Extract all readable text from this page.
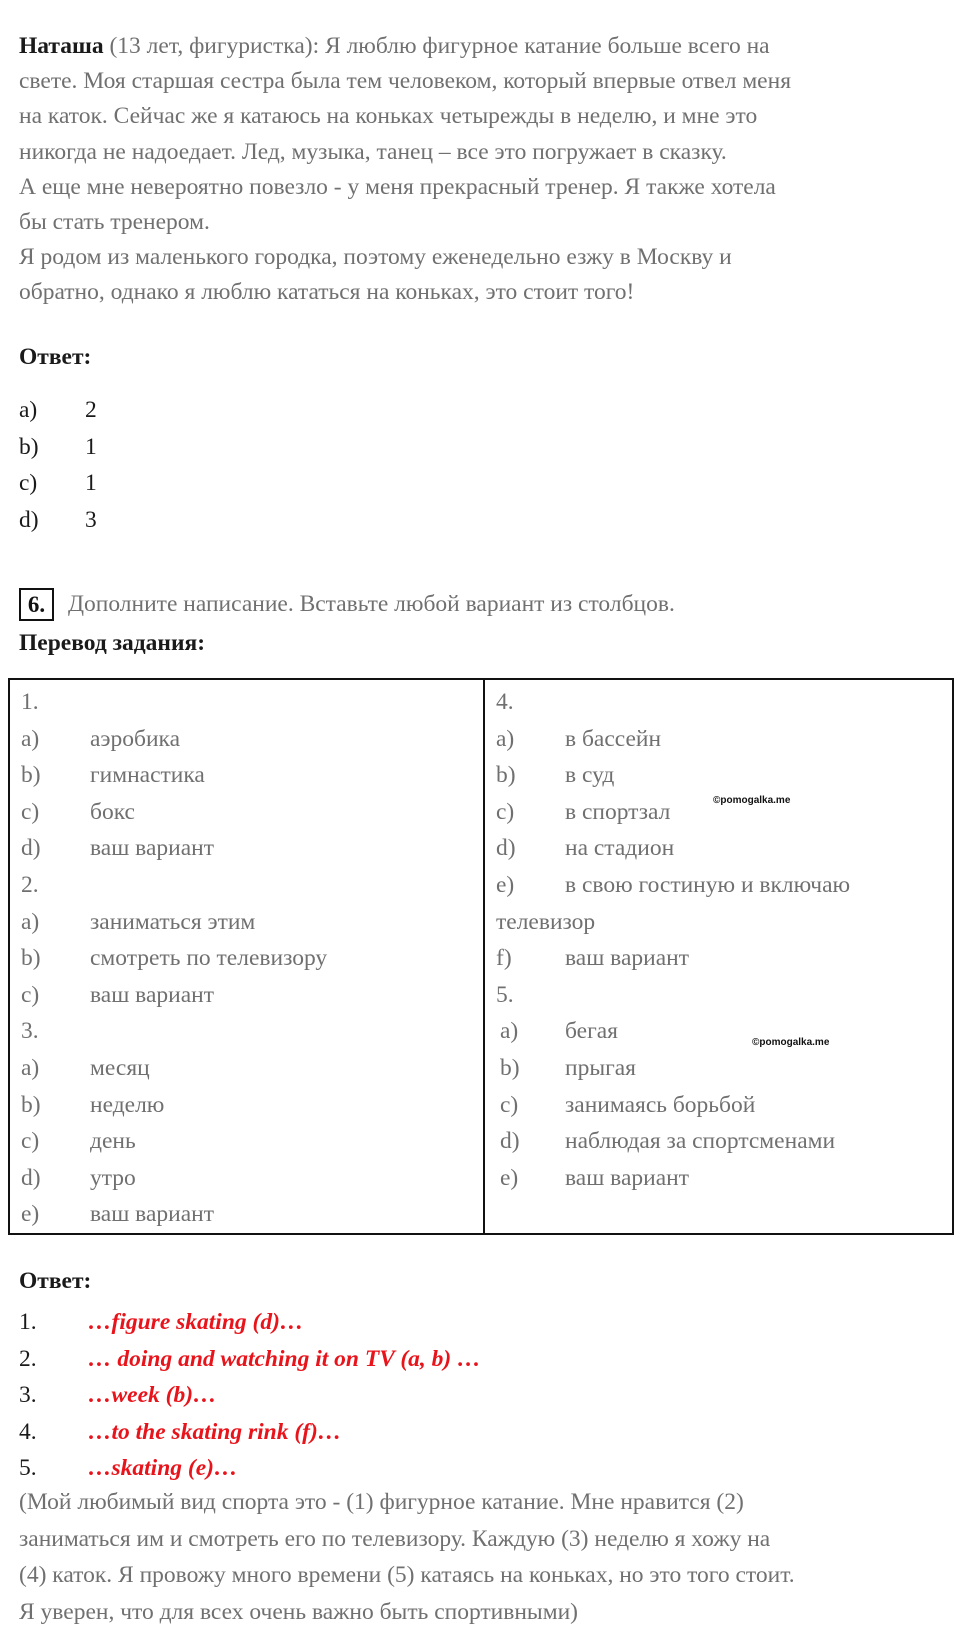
Наташа (13 лет, фигуристка): Я люблю фигурное катание больше всего на

свете. Моя старшая сестра была тем человеком, который впервые отвел меня

на каток. Сейчас же я катаюсь на коньках четырежды в неделю, и мне это

никогда не надоедает. Лед, музыка, танец – все это погружает в сказку.

А еще мне невероятно повезло - у меня прекрасный тренер. Я также хотела

бы стать тренером.

Я родом из маленького городка, поэтому еженедельно езжу в Москву и

обратно, однако я люблю кататься на коньках, это стоит того!

Ответ:
a) 2
b) 1
c) 1
d) 3
6. Дополните написание. Вставьте любой вариант из столбцов.
Перевод задания:
1.
a) аэробика
b) гимнастика
c) бокс
d) ваш вариант
2.
a) заниматься этим
b) смотреть по телевизору
c) ваш вариант
3.
a) месяц
b) неделю
c) день
d) утро
e) ваш вариант

4.
a) в бассейн
b) в суд
c) в спортзал
d) на стадион
e) в свою гостиную и включаю
телевизор
f) ваш вариант
5.
a) бегая
b) прыгая
c) занимаясь борьбой
d) наблюдая за спортсменами
e) ваш вариант
©pomogalka.me
©pomogalka.me
Ответ:
1. …figure skating (d)…
2. … doing and watching it on TV (a, b) …
3. …week (b)…
4. …to the skating rink (f)…
5. …skating (e)…
(Мой любимый вид спорта это - (1) фигурное катание. Мне нравится (2)
заниматься им и смотреть его по телевизору. Каждую (3) неделю я хожу на
(4) каток. Я провожу много времени (5) катаясь на коньках, но это того стоит.
Я уверен, что для всех очень важно быть спортивными)
